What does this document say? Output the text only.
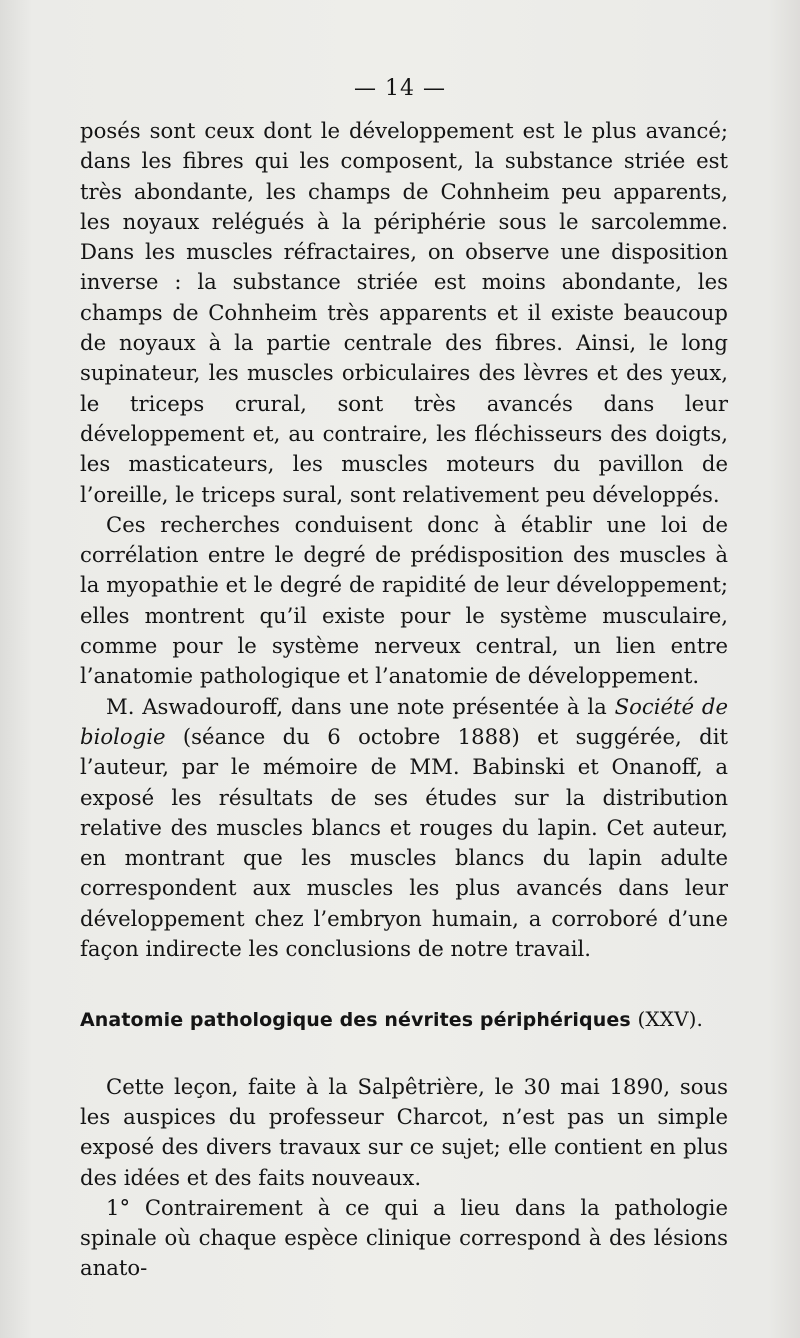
— 14 —

posés sont ceux dont le développement est le plus avancé; dans les fibres qui les composent, la substance striée est très abondante, les champs de Cohnheim peu apparents, les noyaux relégués à la périphérie sous le sarcolemme. Dans les muscles réfractaires, on observe une disposition inverse : la substance striée est moins abondante, les champs de Cohnheim très apparents et il existe beaucoup de noyaux à la partie centrale des fibres. Ainsi, le long supinateur, les muscles orbiculaires des lèvres et des yeux, le triceps crural, sont très avancés dans leur développement et, au contraire, les fléchisseurs des doigts, les masticateurs, les muscles moteurs du pavillon de l’oreille, le triceps sural, sont relativement peu développés.

Ces recherches conduisent donc à établir une loi de corrélation entre le degré de prédisposition des muscles à la myopathie et le degré de rapidité de leur développement; elles montrent qu’il existe pour le système musculaire, comme pour le système nerveux central, un lien entre l’anatomie pathologique et l’anatomie de développement.

M. Aswadouroff, dans une note présentée à la Société de biologie (séance du 6 octobre 1888) et suggérée, dit l’auteur, par le mémoire de MM. Babinski et Onanoff, a exposé les résultats de ses études sur la distribution relative des muscles blancs et rouges du lapin. Cet auteur, en montrant que les muscles blancs du lapin adulte correspondent aux muscles les plus avancés dans leur développement chez l’embryon humain, a corroboré d’une façon indirecte les conclusions de notre travail.

Anatomie pathologique des névrites périphériques (XXV).

Cette leçon, faite à la Salpêtrière, le 30 mai 1890, sous les auspices du professeur Charcot, n’est pas un simple exposé des divers travaux sur ce sujet; elle contient en plus des idées et des faits nouveaux.

1° Contrairement à ce qui a lieu dans la pathologie spinale où chaque espèce clinique correspond à des lésions anato-
